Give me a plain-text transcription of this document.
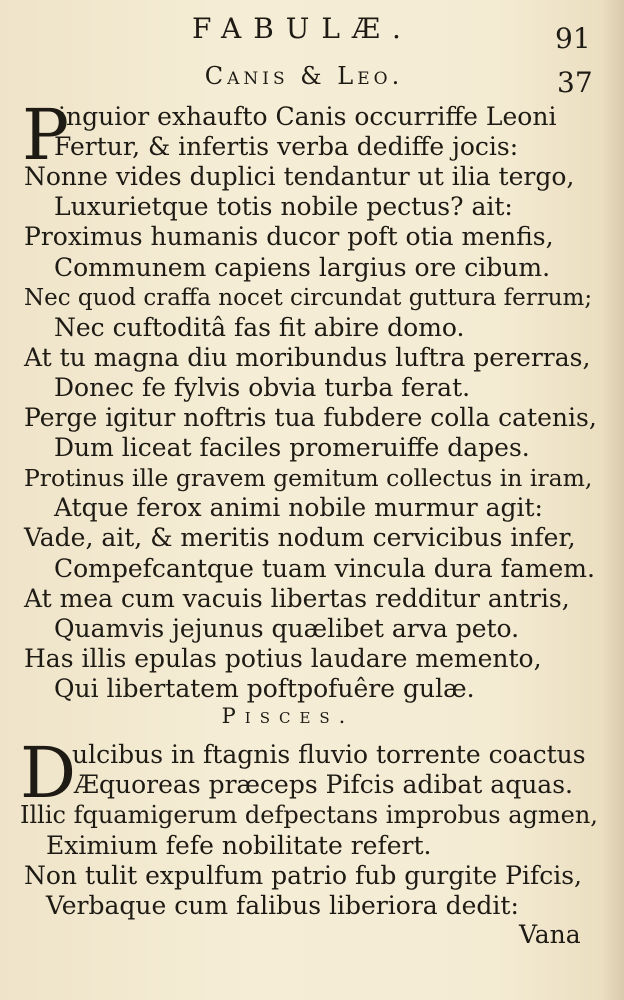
FABULÆ.	91
37
Canis & Leo.
P
inguior exhaufto Canis occurriffe Leoni
Fertur, & infertis verba dediffe jocis:
Nonne vides duplici tendantur ut ilia tergo,
Luxurietque totis nobile pectus? ait:
Proximus humanis ducor poft otia menfis,
Communem capiens largius ore cibum.
Nec quod craffa nocet circundat guttura ferrum;
Nec cuftoditâ fas fit abire domo.
At tu magna diu moribundus luftra pererras,
Donec fe fylvis obvia turba ferat.
Perge igitur noftris tua fubdere colla catenis,
Dum liceat faciles promeruiffe dapes.
Protinus ille gravem gemitum collectus in iram,
Atque ferox animi nobile murmur agit:
Vade, ait, & meritis nodum cervicibus infer,
Compefcantque tuam vincula dura famem.
At mea cum vacuis libertas redditur antris,
Quamvis jejunus quælibet arva peto.
Has illis epulas potius laudare memento,
Qui libertatem poftpofuêre gulæ.
Pisces.
D
ulcibus in ftagnis fluvio torrente coactus
Æquoreas præceps Pifcis adibat aquas.
Illic fquamigerum defpectans improbus agmen,
Eximium fefe nobilitate refert.
Non tulit expulfum patrio fub gurgite Pifcis,
Verbaque cum falibus liberiora dedit:
Vana
